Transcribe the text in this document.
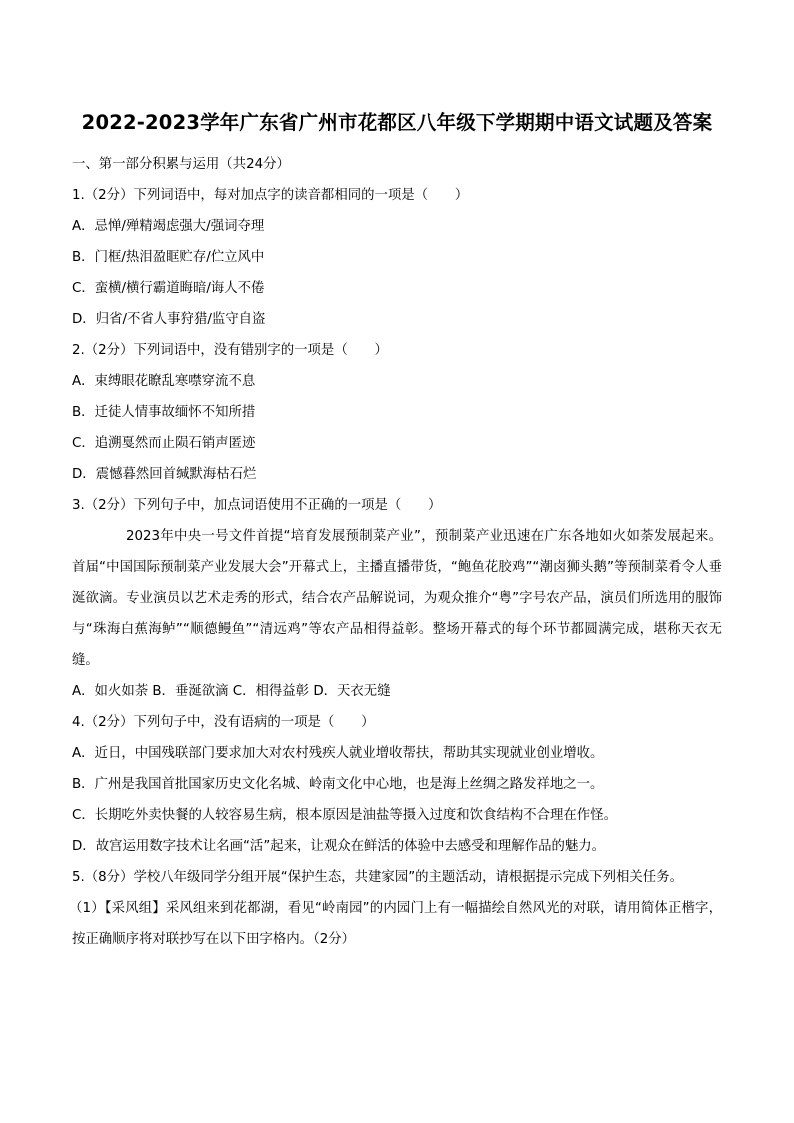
2022-2023学年广东省广州市花都区八年级下学期期中语文试题及答案

一、第一部分积累与运用（共24分）

1.（2分）下列词语中，每对加点字的读音都相同的一项是（　　）

A．忌惮/殚精竭虑强大/强词夺理

B．门框/热泪盈眶贮存/伫立风中

C．蛮横/横行霸道晦暗/诲人不倦

D．归省/不省人事狩猎/监守自盗

2.（2分）下列词语中，没有错别字的一项是（　　）

A．束缚眼花瞭乱寒噤穿流不息

B．迁徒人情事故缅怀不知所措

C．追溯戛然而止陨石销声匿迹

D．震憾暮然回首缄默海枯石烂

3.（2分）下列句子中，加点词语使用不正确的一项是（　　）

2023年中央一号文件首提“培育发展预制菜产业”，预制菜产业迅速在广东各地如火如荼发展起来。首届“中国国际预制菜产业发展大会”开幕式上，主播直播带货，“鲍鱼花胶鸡”“潮卤狮头鹅”等预制菜肴令人垂涎欲滴。专业演员以艺术走秀的形式，结合农产品解说词，为观众推介“粤”字号农产品，演员们所选用的服饰与“珠海白蕉海鲈”“顺德鳗鱼”“清远鸡”等农产品相得益彰。整场开幕式的每个环节都圆满完成，堪称天衣无缝。

A．如火如荼 B．垂涎欲滴 C．相得益彰 D．天衣无缝

4.（2分）下列句子中，没有语病的一项是（　　）

A．近日，中国残联部门要求加大对农村残疾人就业增收帮扶，帮助其实现就业创业增收。

B．广州是我国首批国家历史文化名城、岭南文化中心地，也是海上丝绸之路发祥地之一。

C．长期吃外卖快餐的人较容易生病，根本原因是油盐等摄入过度和饮食结构不合理在作怪。

D．故宫运用数字技术让名画“活”起来，让观众在鲜活的体验中去感受和理解作品的魅力。

5.（8分）学校八年级同学分组开展“保护生态，共建家园”的主题活动，请根据提示完成下列相关任务。

（1）【采风组】采风组来到花都湖，看见“岭南园”的内园门上有一幅描绘自然风光的对联，请用简体正楷字，按正确顺序将对联抄写在以下田字格内。（2分）
